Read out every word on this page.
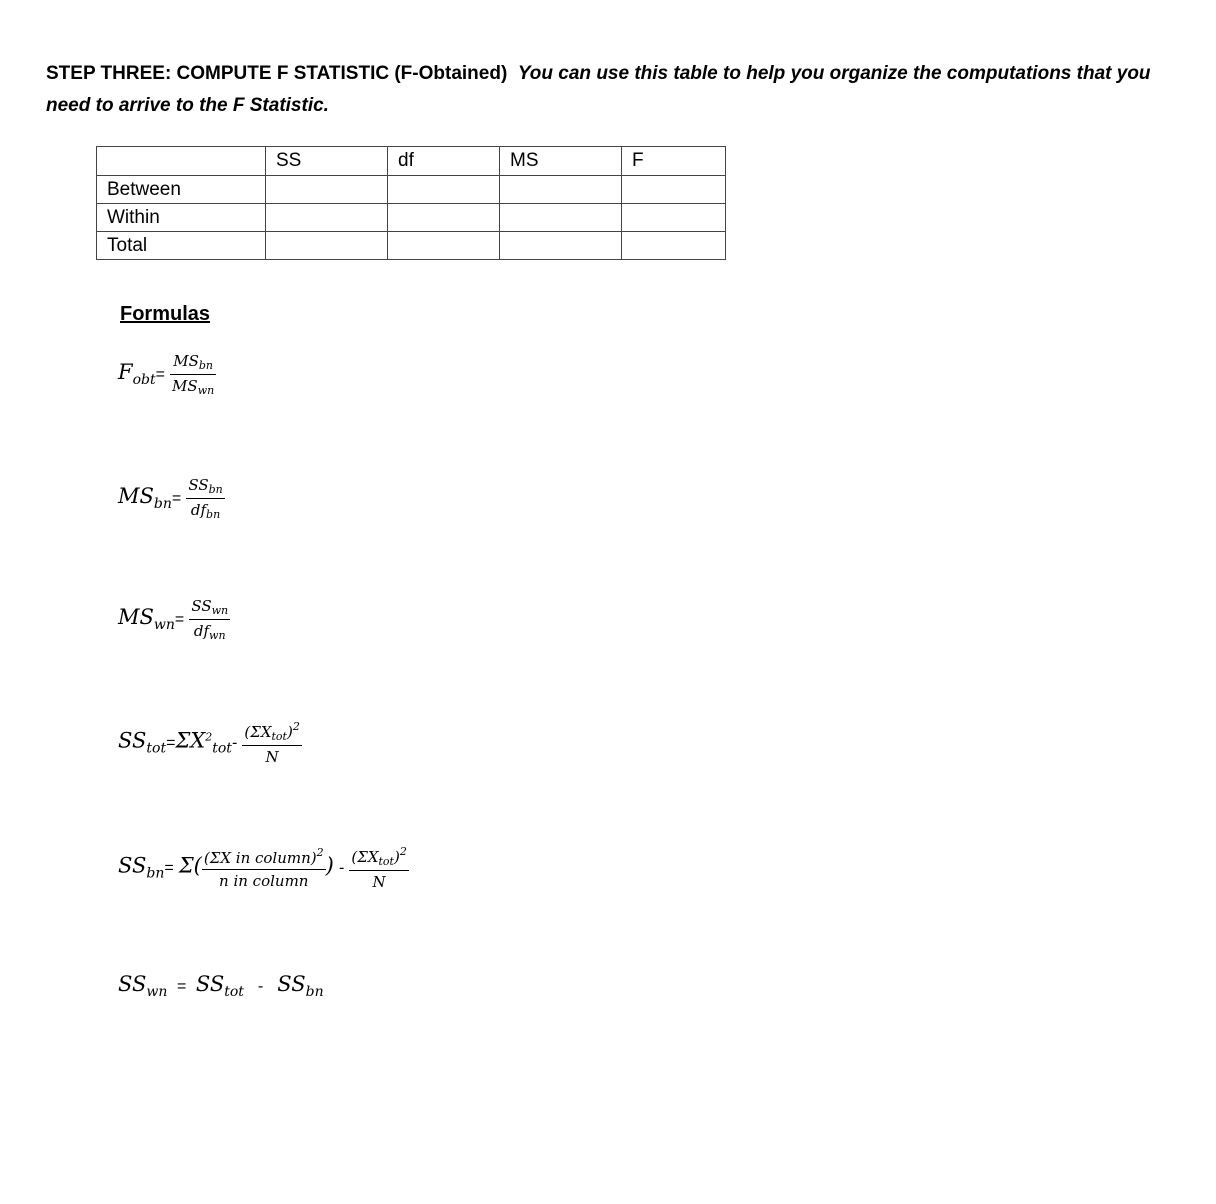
STEP THREE: COMPUTE F STATISTIC (F-Obtained) You can use this table to help you organize the computations that you need to arrive to the F Statistic.
	SS	df	MS	F
Between				
Within				
Total				
Formulas
Fobt= $\frac{MS_{bn}}{MS_{wn}}$
MSbn= $\frac{SS_{bn}}{df_{bn}}$
MSwn= $\frac{SS_{wn}}{df_{wn}}$
$SStot=\Sigma X^2tot- \frac{(\Sigma X_{tot})^2}{N}$
SSbn= $\Sigma( \frac{(\Sigma X in column)^2}{\text{n in column}}$ ) - $\frac{(\Sigma X_{tot})^2}{N}$
SSwn  =  SStot   -   SSbn
